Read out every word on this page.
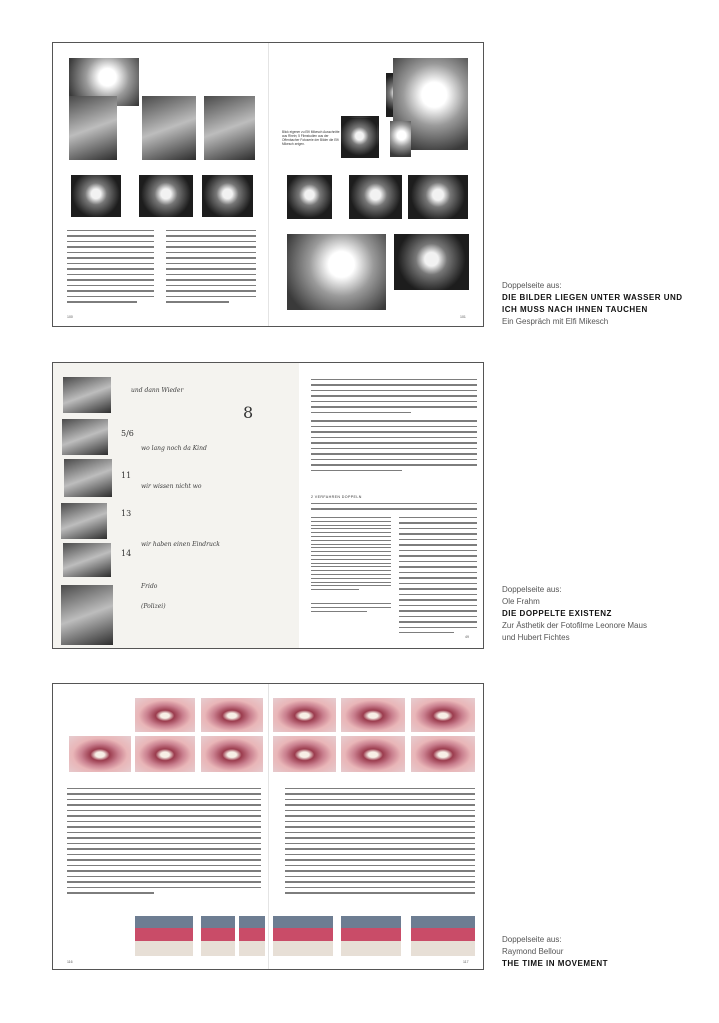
100
Blick eigener zu Elfi Mikesch Ausschnitte aus Rhein; 5 Filmstudien aus der Offenbacher Fotoserie der Bilder die Elfi Mikesch zeigen.
101
Doppelseite aus:
DIE BILDER LIEGEN UNTER WASSER UND
ICH MUSS NACH IHNEN TAUCHEN
Ein Gespräch mit Elfi Mikesch
und dann Wieder
wo lang noch da Kind
wir wissen nicht wo
wir haben einen Eindruck
Frido
(Polizei)
5/6
8
11
13
14
2 VERFAHREN DOPPELN
49
Doppelseite aus:
Ole Frahm
DIE DOPPELTE EXISTENZ
Zur Ästhetik der Fotofilme Leonore Maus
und Hubert Fichtes
116	117
Doppelseite aus:
Raymond Bellour
THE TIME IN MOVEMENT
